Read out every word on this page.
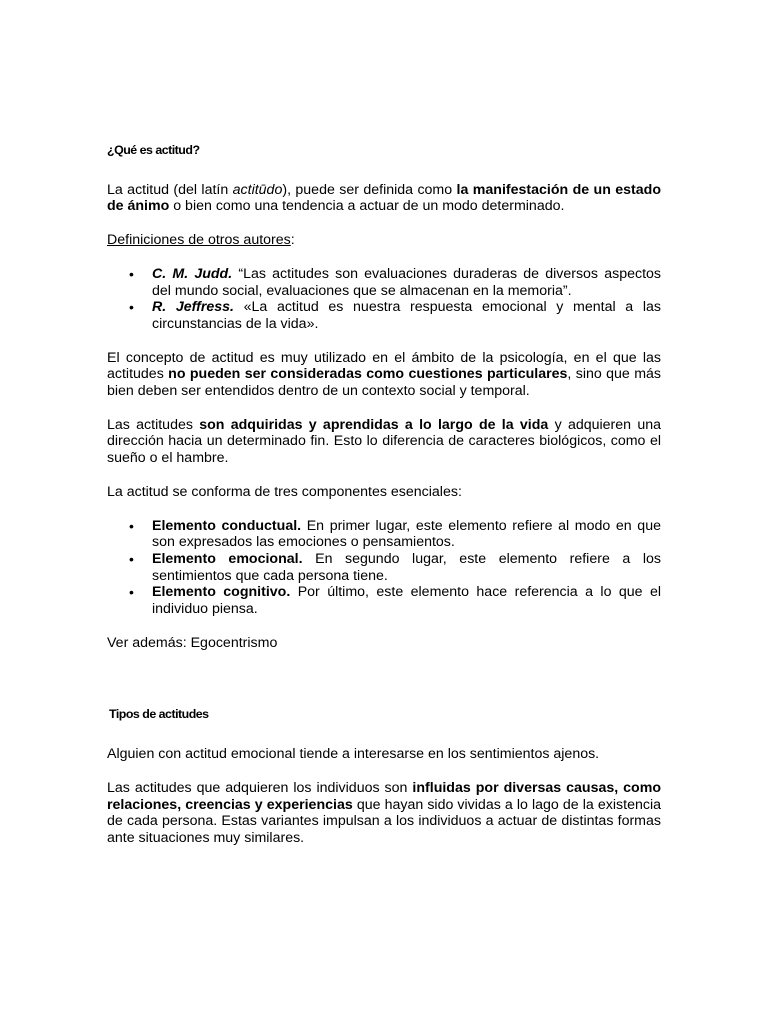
¿Qué es actitud?

La actitud (del latín actitūdo), puede ser definida como la manifestación de un estado de ánimo o bien como una tendencia a actuar de un modo determinado.

Definiciones de otros autores:

• C. M. Judd. “Las actitudes son evaluaciones duraderas de diversos aspectos del mundo social, evaluaciones que se almacenan en la memoria”.
• R. Jeffress. «La actitud es nuestra respuesta emocional y mental a las circunstancias de la vida».

El concepto de actitud es muy utilizado en el ámbito de la psicología, en el que las actitudes no pueden ser consideradas como cuestiones particulares, sino que más bien deben ser entendidos dentro de un contexto social y temporal.

Las actitudes son adquiridas y aprendidas a lo largo de la vida y adquieren una dirección hacia un determinado fin. Esto lo diferencia de caracteres biológicos, como el sueño o el hambre.

La actitud se conforma de tres componentes esenciales:

• Elemento conductual. En primer lugar, este elemento refiere al modo en que son expresados las emociones o pensamientos.
• Elemento emocional. En segundo lugar, este elemento refiere a los sentimientos que cada persona tiene.
• Elemento cognitivo. Por último, este elemento hace referencia a lo que el individuo piensa.

Ver además: Egocentrismo

Tipos de actitudes

Alguien con actitud emocional tiende a interesarse en los sentimientos ajenos.

Las actitudes que adquieren los individuos son influidas por diversas causas, como relaciones, creencias y experiencias que hayan sido vividas a lo lago de la existencia de cada persona. Estas variantes impulsan a los individuos a actuar de distintas formas ante situaciones muy similares.
